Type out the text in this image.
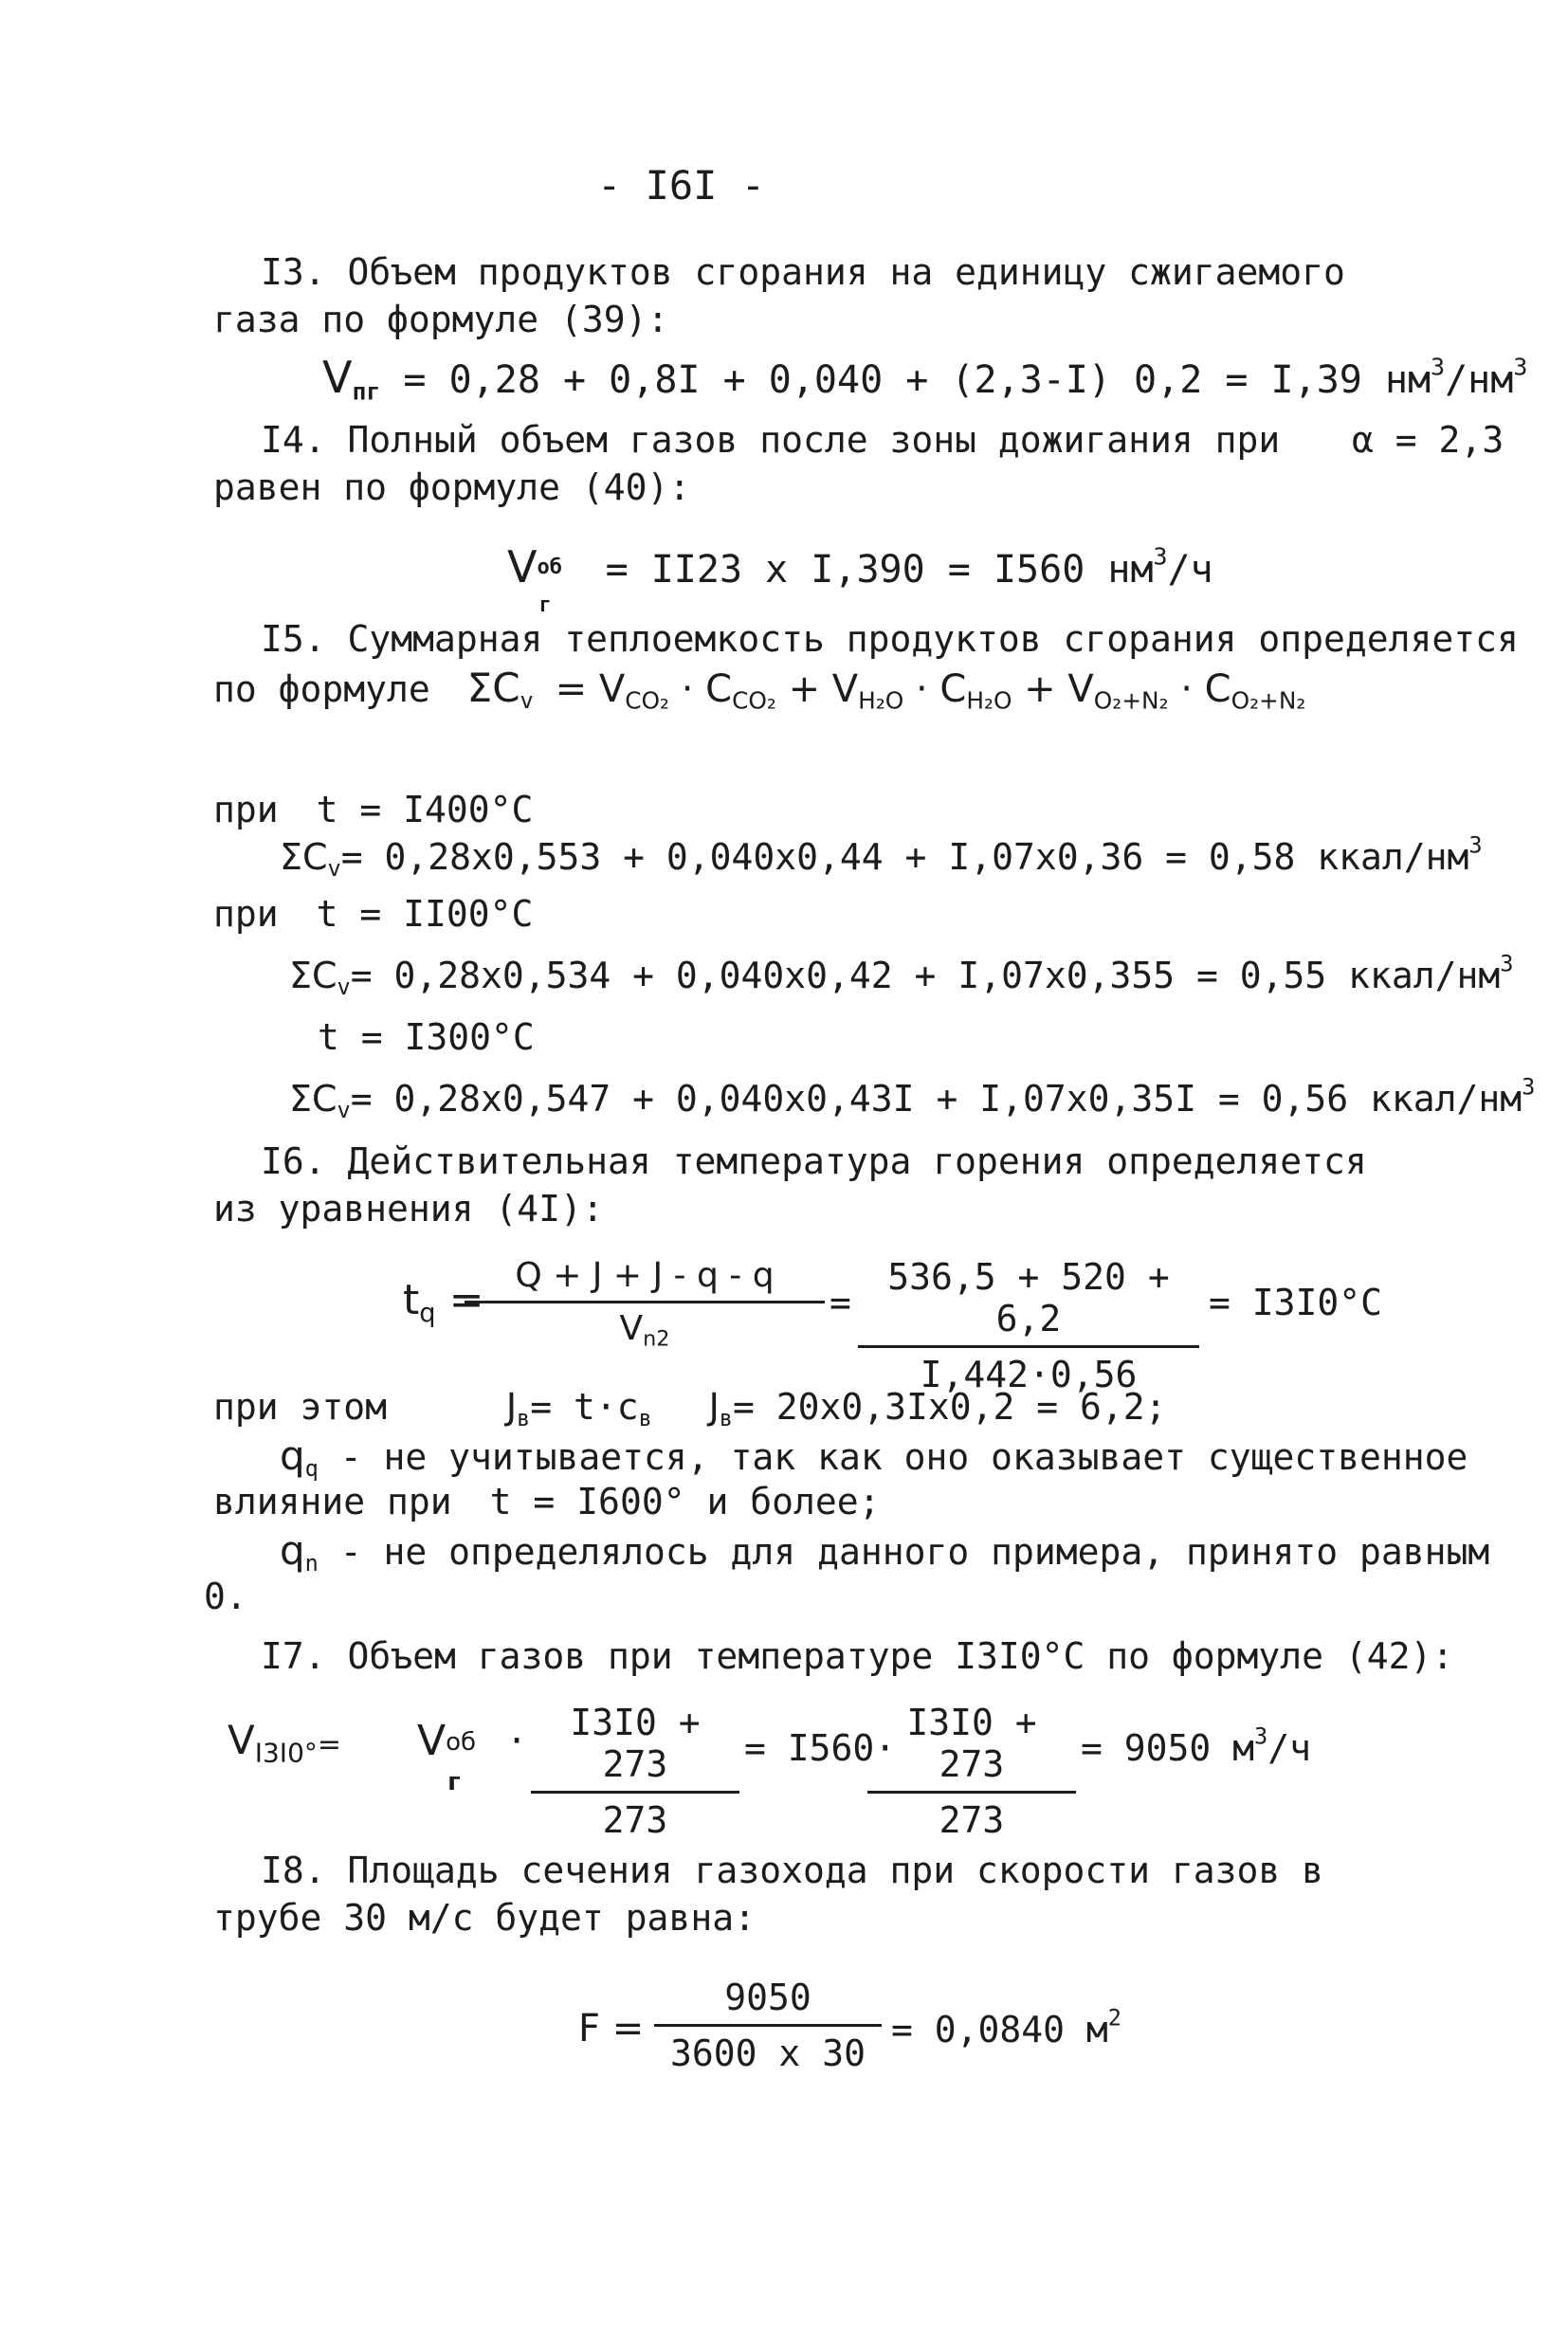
- I6I -
I3. Объем продуктов сгорания на единицу сжигаемого газа по формуле (39):
$V_{пг} = 0,28 + 0,8I + 0,040 + (2,3-I) 0,2 = I,39$ $нм^3/нм^3$
I4. Полный объем газов после зоны дожигания при α = 2,3
равен по формуле (40):
V об
г
= II23 x I,390 = I560 $нм^3/ч$
I5. Суммарная теплоемкость продуктов сгорания определяется
по формуле $\Sigma C_v = V_{CO_2} \cdot C_{CO_2} + V_{H_2O} \cdot C_{H_2O} + V_{O_2+N_2} \cdot C_{O_2+N_2}$
при t = I400°C
$\Sigma C_v= 0,28x0,553 + 0,040x0,44 + I,07x0,36 = 0,58$ ккал/$нм^3$
при t = II00°C
$\Sigma C_v= 0,28x0,534 + 0,040x0,42 + I,07x0,355 = 0,55$ ккал/$нм^3$
t = I300°C
$\Sigma C_v= 0,28x0,547 + 0,040x0,43I + I,07x0,35I = 0,56$ ккал/$нм^3$
I6. Действительная температура горения определяется из уравнения (4I):
$t_q$ =
$\frac{Q + J + J - q - q}{V_{n2}} = \frac{536,5 + 520 + 6,2}{I,442\cdot 0,56} = I3I0^\circ C$
при этом	$J_в= t\cdot c_в$ $J_в= 20x0,3Ix0,2 = 6,2$;
$q_q$ - не учитывается, так как оно оказывает существенное
влияние при t = I600° и более;
$q_n$ - не определялось для данного примера, принято равным
0.
I7. Объем газов при температуре I3I0°C по формуле (42):
$V_{I3I0^\circ}= V$ об
г
· $\frac{I3I0 + 273}{273} = I560\cdot$
$\frac{I3I0 + 273}{273} = 9050$ $м^3/ч$
I8. Площадь сечения газохода при скорости газов в трубе 30 м/с будет равна:
$F = \frac{9050}{3600 x 30} = 0,0840$ $м^2$
